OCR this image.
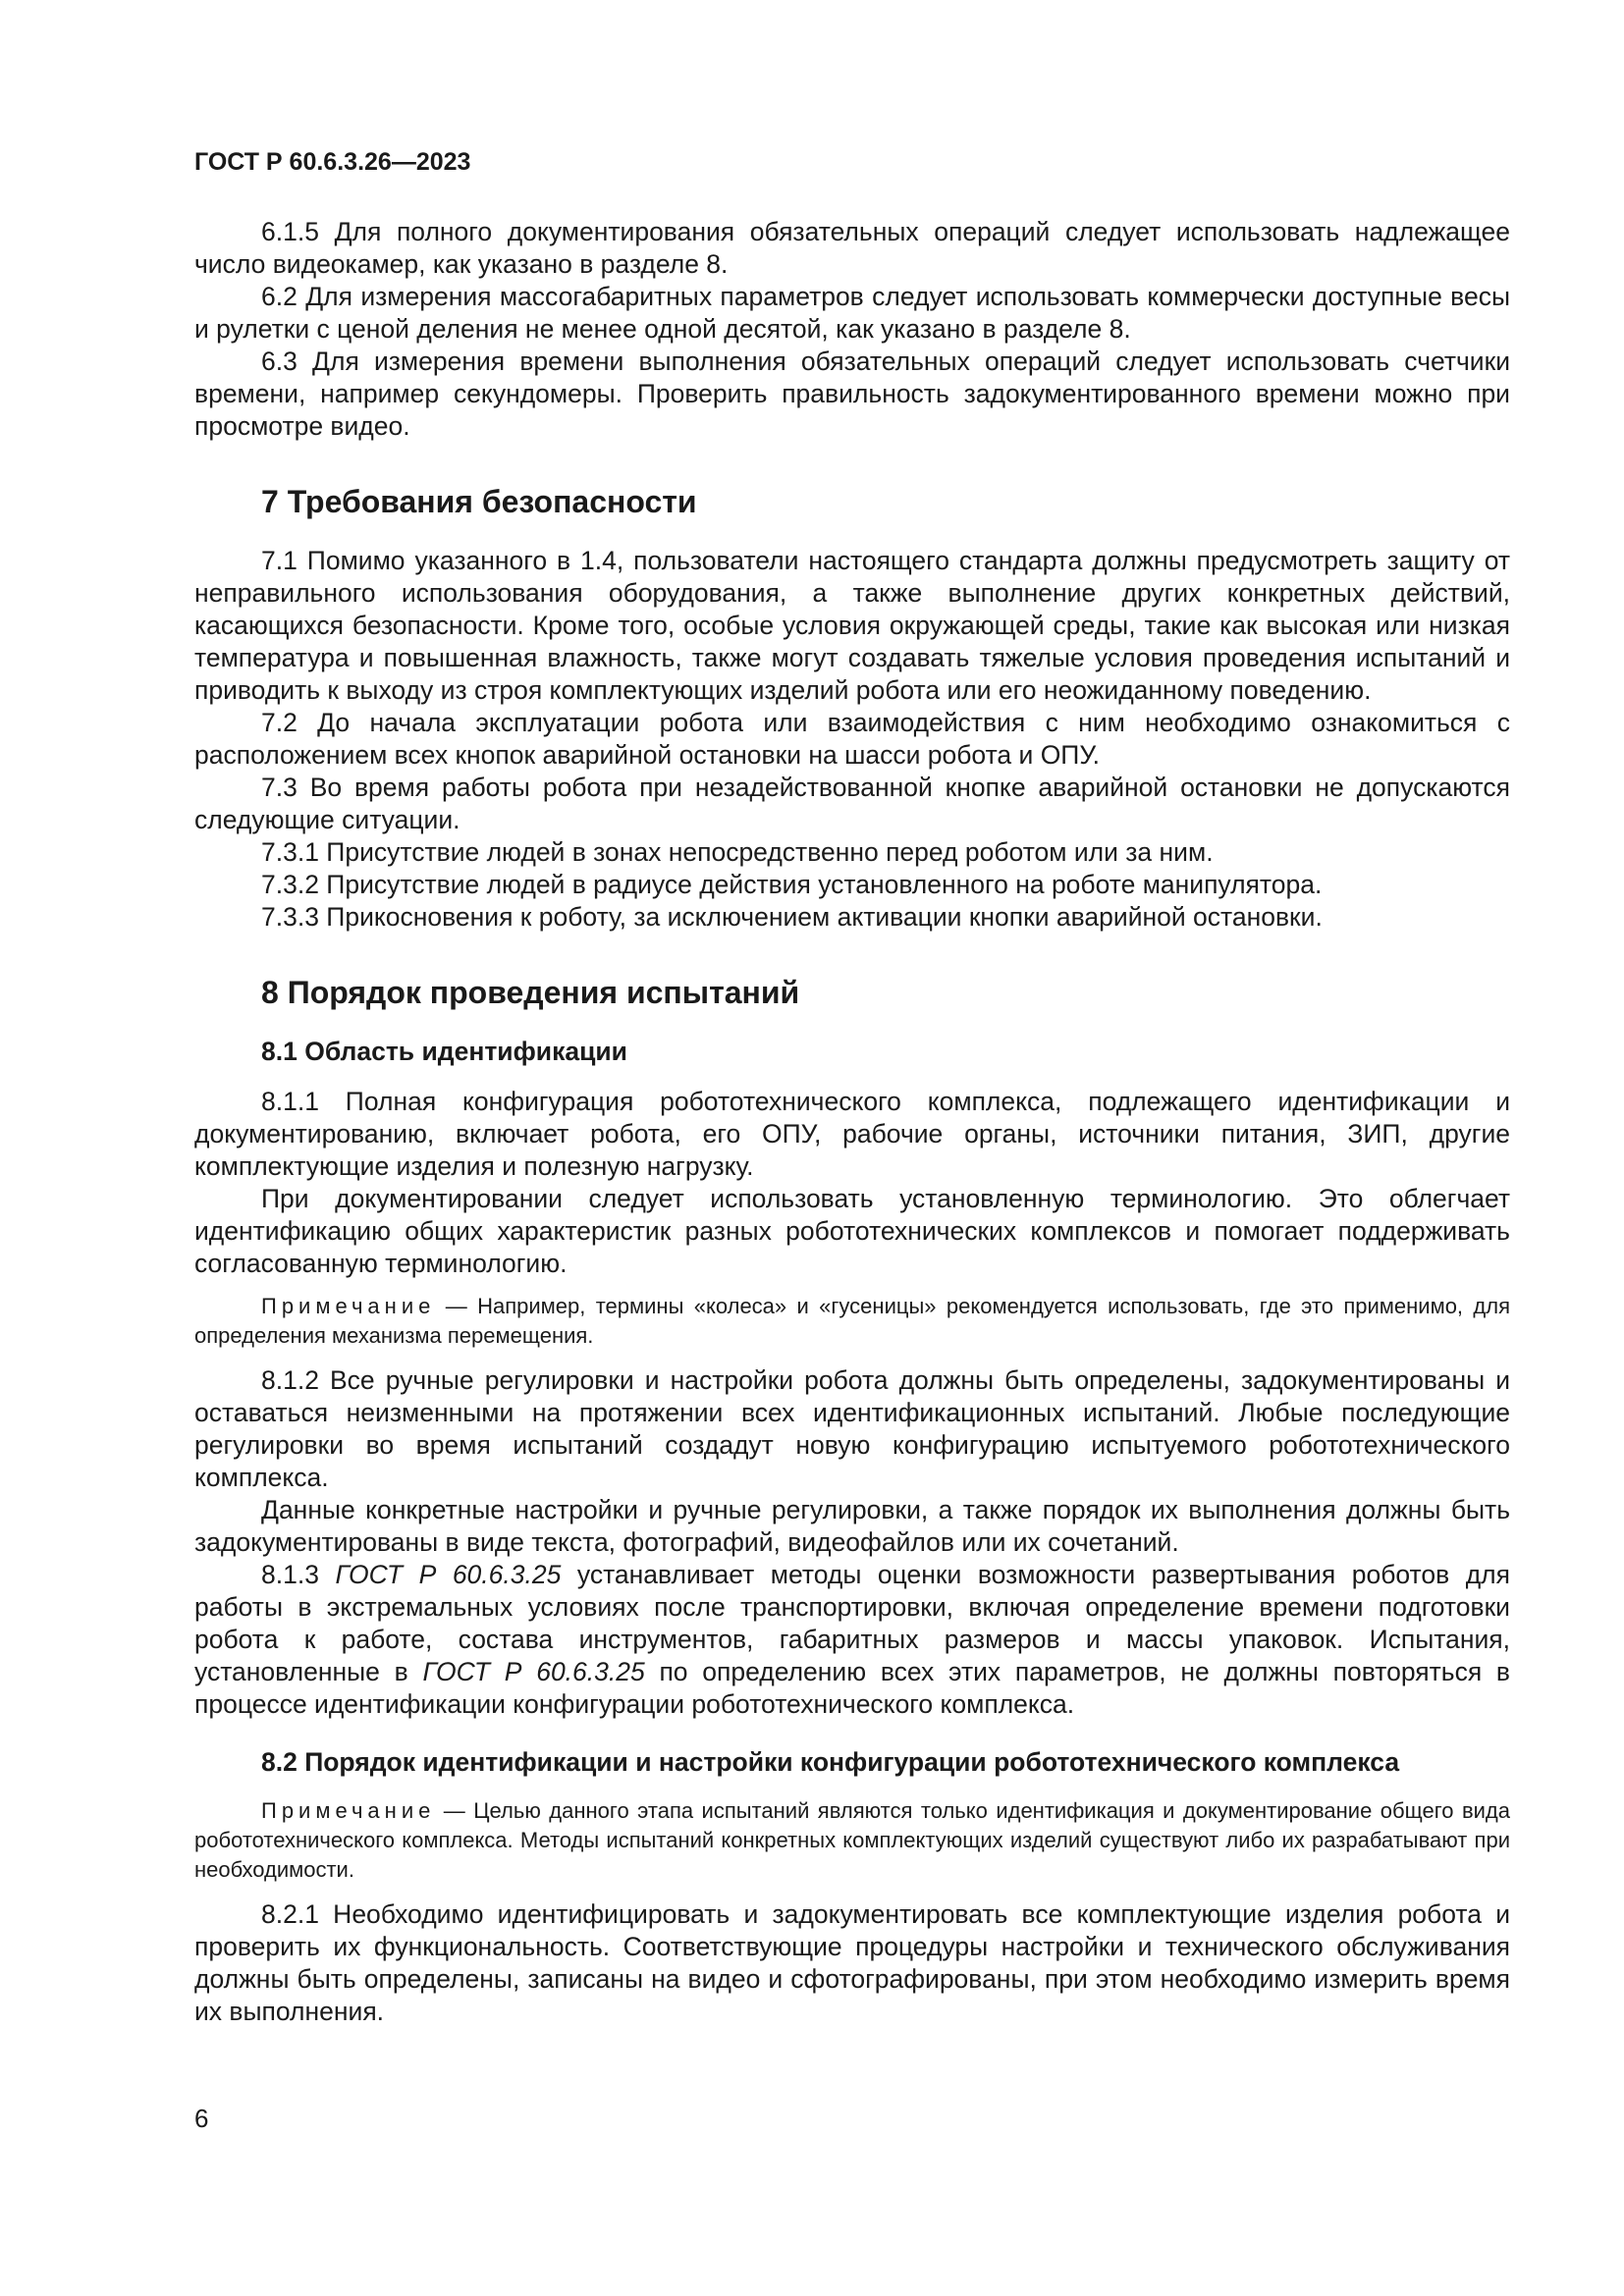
ГОСТ Р 60.6.3.26—2023

6.1.5 Для полного документирования обязательных операций следует использовать надлежащее число видеокамер, как указано в разделе 8.

6.2 Для измерения массогабаритных параметров следует использовать коммерчески доступные весы и рулетки с ценой деления не менее одной десятой, как указано в разделе 8.

6.3 Для измерения времени выполнения обязательных операций следует использовать счетчики времени, например секундомеры. Проверить правильность задокументированного времени можно при просмотре видео.

7 Требования безопасности

7.1 Помимо указанного в 1.4, пользователи настоящего стандарта должны предусмотреть защиту от неправильного использования оборудования, а также выполнение других конкретных действий, касающихся безопасности. Кроме того, особые условия окружающей среды, такие как высокая или низкая температура и повышенная влажность, также могут создавать тяжелые условия проведения испытаний и приводить к выходу из строя комплектующих изделий робота или его неожиданному поведению.

7.2 До начала эксплуатации робота или взаимодействия с ним необходимо ознакомиться с расположением всех кнопок аварийной остановки на шасси робота и ОПУ.

7.3 Во время работы робота при незадействованной кнопке аварийной остановки не допускаются следующие ситуации.

7.3.1 Присутствие людей в зонах непосредственно перед роботом или за ним.

7.3.2 Присутствие людей в радиусе действия установленного на роботе манипулятора.

7.3.3 Прикосновения к роботу, за исключением активации кнопки аварийной остановки.

8 Порядок проведения испытаний
8.1 Область идентификации

8.1.1 Полная конфигурация робототехнического комплекса, подлежащего идентификации и документированию, включает робота, его ОПУ, рабочие органы, источники питания, ЗИП, другие комплектующие изделия и полезную нагрузку.

При документировании следует использовать установленную терминологию. Это облегчает идентификацию общих характеристик разных робототехнических комплексов и помогает поддерживать согласованную терминологию.

Примечание — Например, термины «колеса» и «гусеницы» рекомендуется использовать, где это применимо, для определения механизма перемещения.

8.1.2 Все ручные регулировки и настройки робота должны быть определены, задокументированы и оставаться неизменными на протяжении всех идентификационных испытаний. Любые последующие регулировки во время испытаний создадут новую конфигурацию испытуемого робототехнического комплекса.

Данные конкретные настройки и ручные регулировки, а также порядок их выполнения должны быть задокументированы в виде текста, фотографий, видеофайлов или их сочетаний.

8.1.3 ГОСТ Р 60.6.3.25 устанавливает методы оценки возможности развертывания роботов для работы в экстремальных условиях после транспортировки, включая определение времени подготовки робота к работе, состава инструментов, габаритных размеров и массы упаковок. Испытания, установленные в ГОСТ Р 60.6.3.25 по определению всех этих параметров, не должны повторяться в процессе идентификации конфигурации робототехнического комплекса.

8.2 Порядок идентификации и настройки конфигурации робототехнического комплекса

Примечание — Целью данного этапа испытаний являются только идентификация и документирование общего вида робототехнического комплекса. Методы испытаний конкретных комплектующих изделий существуют либо их разрабатывают при необходимости.

8.2.1 Необходимо идентифицировать и задокументировать все комплектующие изделия робота и проверить их функциональность. Соответствующие процедуры настройки и технического обслуживания должны быть определены, записаны на видео и сфотографированы, при этом необходимо измерить время их выполнения.

6
